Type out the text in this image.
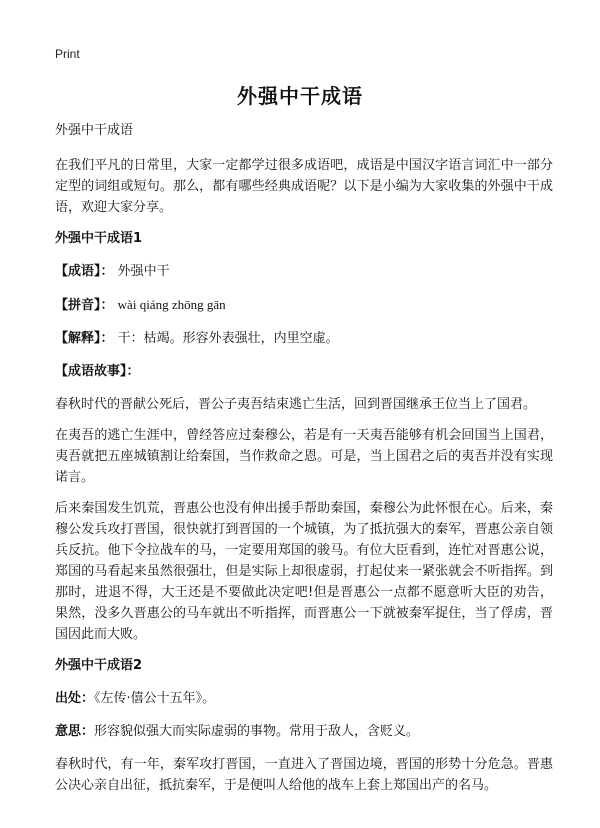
Print
外强中干成语

外强中干成语

在我们平凡的日常里，大家一定都学过很多成语吧，成语是中国汉字语言词汇中一部分定型的词组或短句。那么，都有哪些经典成语呢？以下是小编为大家收集的外强中干成语，欢迎大家分享。

外强中干成语1

【成语】： 外强中干

【拼音】： wài qiáng zhōng gān

【解释】： 干：枯竭。形容外表强壮，内里空虚。

【成语故事】：

春秋时代的晋献公死后，晋公子夷吾结束逃亡生活，回到晋国继承王位当上了国君。

在夷吾的逃亡生涯中，曾经答应过秦穆公，若是有一天夷吾能够有机会回国当上国君，夷吾就把五座城镇割让给秦国，当作救命之恩。可是，当上国君之后的夷吾并没有实现诺言。

后来秦国发生饥荒，晋惠公也没有伸出援手帮助秦国，秦穆公为此怀恨在心。后来，秦穆公发兵攻打晋国，很快就打到晋国的一个城镇，为了抵抗强大的秦军，晋惠公亲自领兵反抗。他下令拉战车的马，一定要用郑国的骏马。有位大臣看到，连忙对晋惠公说，郑国的马看起来虽然很强壮，但是实际上却很虚弱，打起仗来一紧张就会不听指挥。到那时，进退不得，大王还是不要做此决定吧!但是晋惠公一点都不愿意听大臣的劝告，果然，没多久晋惠公的马车就出不听指挥，而晋惠公一下就被秦军捉住，当了俘虏，晋国因此而大败。

外强中干成语2

出处：《左传·僖公十五年》。

意思：形容貌似强大而实际虚弱的事物。常用于敌人，含贬义。

春秋时代，有一年，秦军攻打晋国，一直进入了晋国边境，晋国的形势十分危急。晋惠公决心亲自出征，抵抗秦军，于是便叫人给他的战车上套上郑国出产的名马。
